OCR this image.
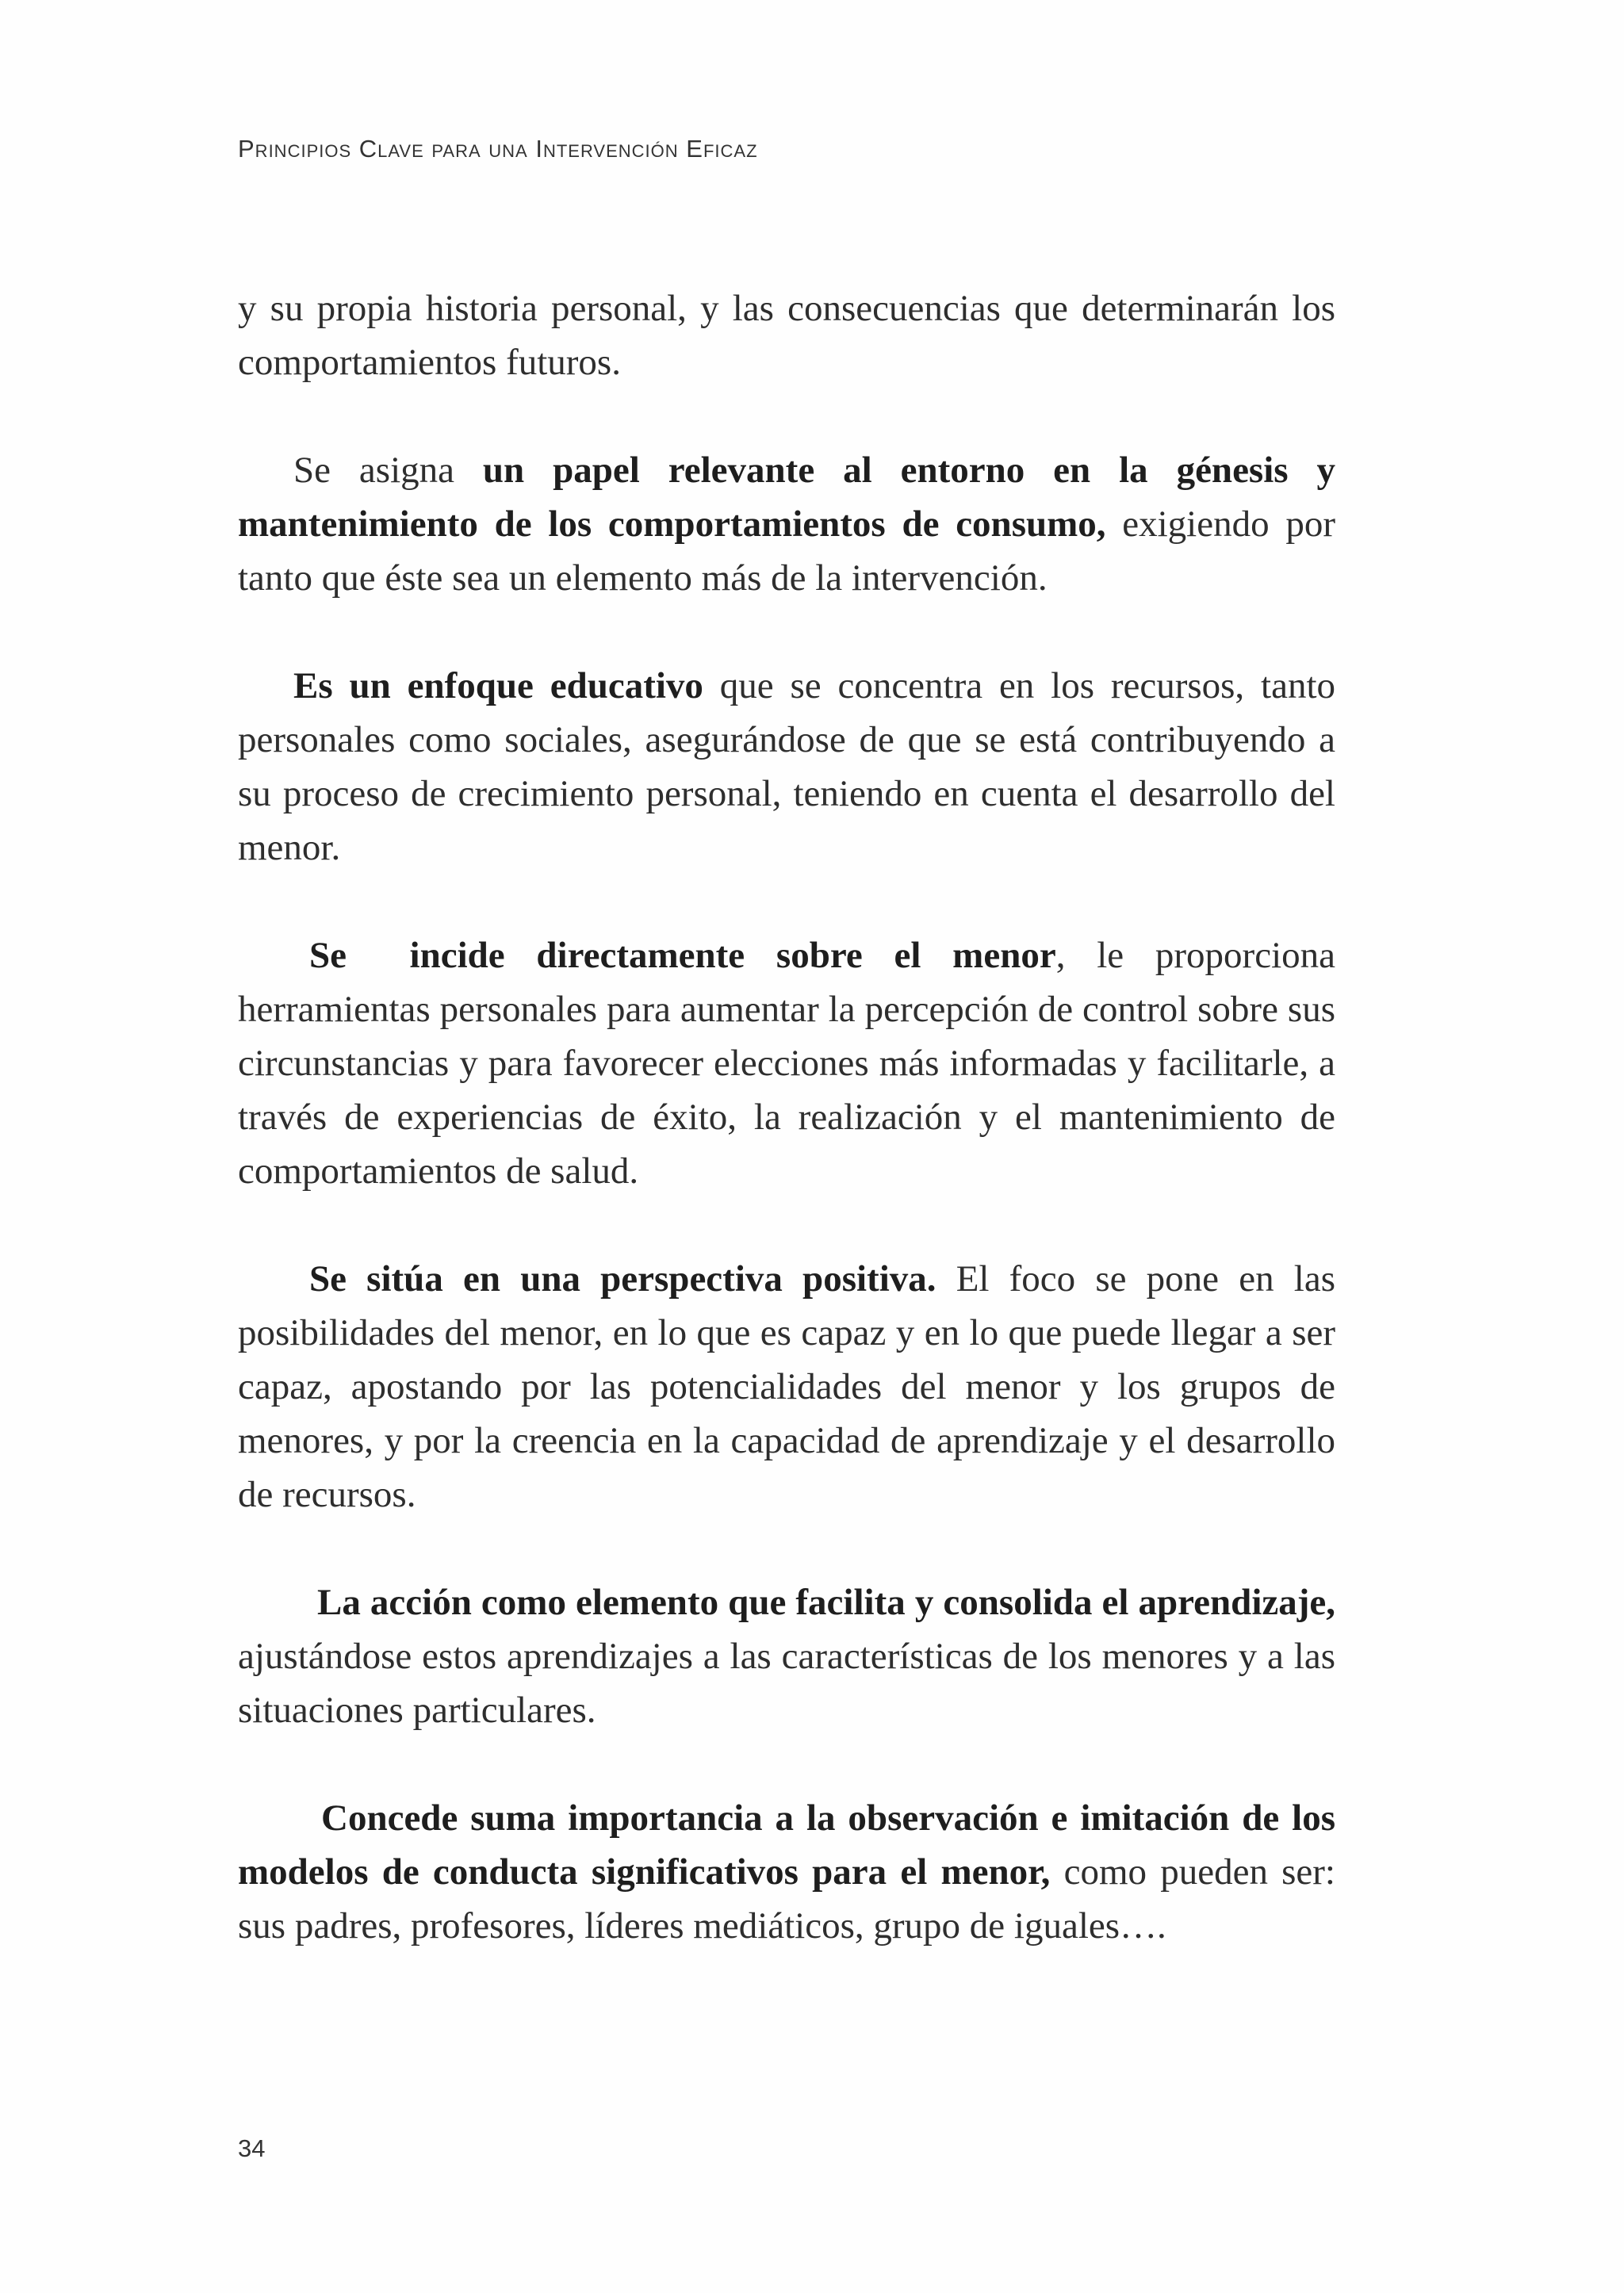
Principios Clave para una Intervención Eficaz

y su propia historia personal, y las consecuencias que determinarán los comportamientos futuros.

Se asigna un papel relevante al entorno en la génesis y mantenimiento de los comportamientos de consumo, exigiendo por tanto que éste sea un elemento más de la intervención.

Es un enfoque educativo que se concentra en los recursos, tanto personales como sociales, asegurándose de que se está contribuyendo a su proceso de crecimiento personal, teniendo en cuenta el desarrollo del menor.

Se  incide directamente sobre el menor, le proporciona herramientas personales para aumentar la percepción de control sobre sus circunstancias y para favorecer elecciones más informadas y facilitarle, a través de experiencias de éxito, la realización y el mantenimiento de comportamientos de salud.

Se sitúa en una perspectiva positiva. El foco se pone en las posibilidades del menor, en lo que es capaz y en lo que puede llegar a ser capaz, apostando por las potencialidades del menor y los grupos de menores, y por la creencia en la capacidad de aprendizaje y el desarrollo de recursos.

La acción como elemento que facilita y consolida el aprendizaje, ajustándose estos aprendizajes a las características de los menores y a las situaciones particulares.

Concede suma importancia a la observación e imitación de los modelos de conducta significativos para el menor, como pueden ser: sus padres, profesores, líderes mediáticos, grupo de iguales….

34
